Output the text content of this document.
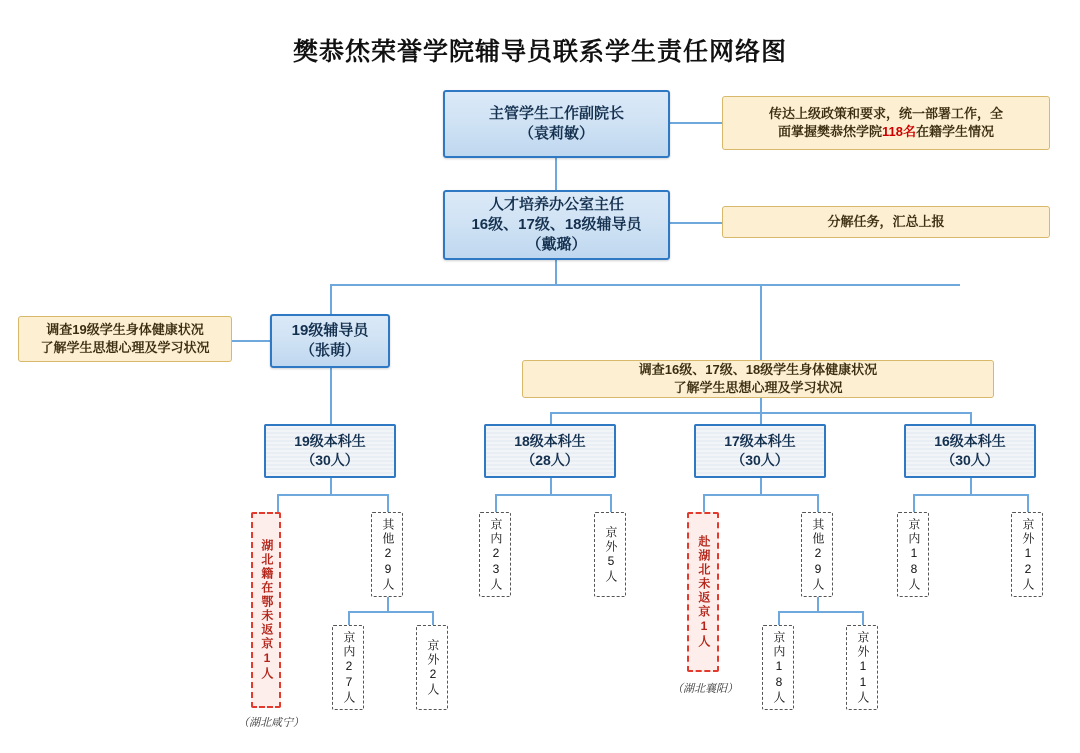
樊恭烋荣誉学院辅导员联系学生责任网络图
主管学生工作副院长
（袁莉敏）
人才培养办公室主任
16级、17级、18级辅导员
（戴璐）
19级辅导员
（张萌）
传达上级政策和要求，统一部署工作，全
面掌握樊恭烋学院118名在籍学生情况
分解任务，汇总上报
调查19级学生身体健康状况
了解学生思想心理及学习状况
调查16级、17级、18级学生身体健康状况
了解学生思想心理及学习状况
19级本科生
（30人）
18级本科生
（28人）
17级本科生
（30人）
16级本科生
（30人）
湖北籍在鄂未返京1人
（湖北咸宁）
其他29人
京内27人	京外2人
京内23人	京外5人	赴湖北未返京1人
（湖北襄阳）
其他29人
京内18人	京外11人
京内18人	京外12人
